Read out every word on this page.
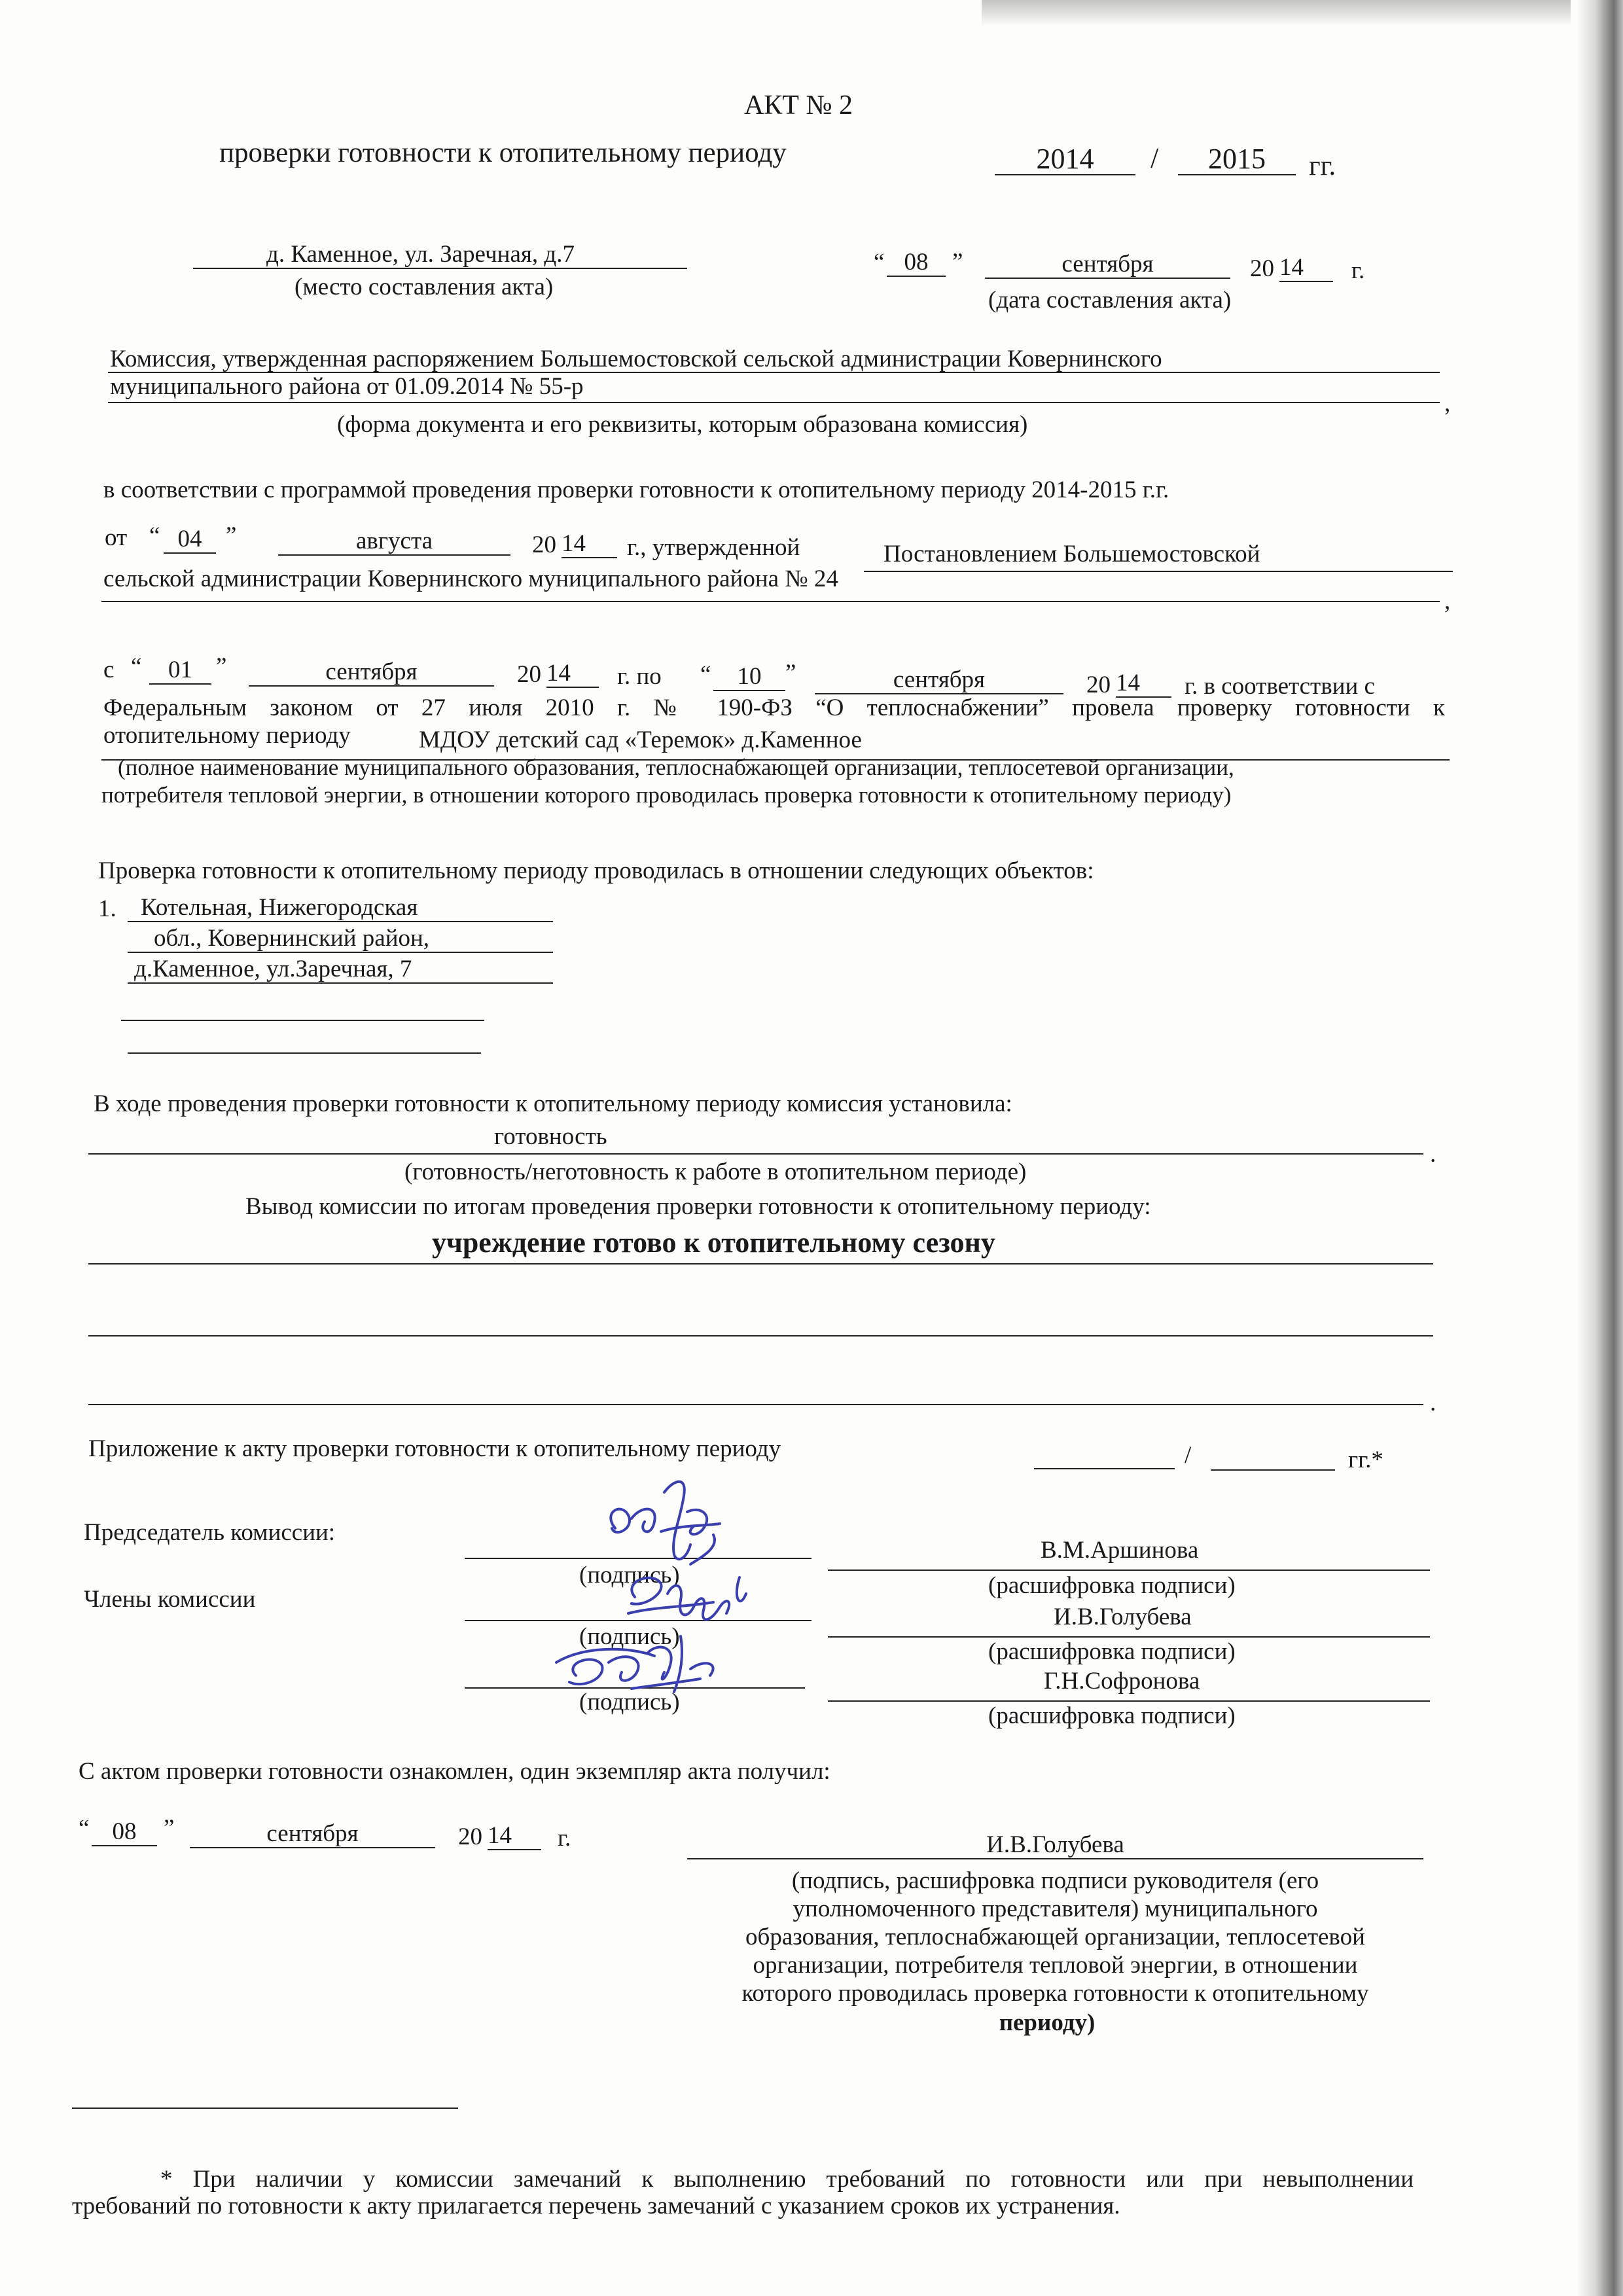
АКТ № 2
проверки готовности к отопительному периоду	2014	/	2015	гг.
д. Каменное, ул. Заречная, д.7
(место составления акта)
“ 08 ”	сентября	20 14	г.
(дата составления акта)
Комиссия, утвержденная распоряжением Большемостовской сельской администрации Ковернинского
муниципального района от 01.09.2014 № 55-р
,
(форма документа и его реквизиты, которым образована комиссия)
в соответствии с программой проведения проверки готовности к отопительному периоду 2014-2015 г.г.
от “ 04 ”	августа	20 14	г., утвержденной	Постановлением Большемостовской
сельской администрации Ковернинского муниципального района № 24
,
с “	01 ”	сентября	20 14	г. по “	10 ”	сентября	20 14	г. в соответствии с
Федеральным законом от 27 июля 2010 г. № 190-ФЗ “О теплоснабжении” провела проверку готовности к
отопительному периоду	МДОУ детский сад «Теремок» д.Каменное
(полное наименование муниципального образования, теплоснабжающей организации, теплосетевой организации,
потребителя тепловой энергии, в отношении которого проводилась проверка готовности к отопительному периоду)
Проверка готовности к отопительному периоду проводилась в отношении следующих объектов:
1.	Котельная, Нижегородская
обл., Ковернинский район,
д.Каменное, ул.Заречная, 7
В ходе проведения проверки готовности к отопительному периоду комиссия установила:
готовность
.
(готовность/неготовность к работе в отопительном периоде)
Вывод комиссии по итогам проведения проверки готовности к отопительному периоду:
учреждение готово к отопительному сезону
.
Приложение к акту проверки готовности к отопительному периоду	/	гг.*
Председатель комиссии:
(подпись)
В.М.Аршинова
(расшифровка подписи)
Члены комиссии
(подпись)
И.В.Голубева
(расшифровка подписи)
(подпись)
Г.Н.Софронова
(расшифровка подписи)
С актом проверки готовности ознакомлен, один экземпляр акта получил:
“ 08	”	сентября	20 14	г.	И.В.Голубева
(подпись, расшифровка подписи руководителя (его
уполномоченного представителя) муниципального
образования, теплоснабжающей организации, теплосетевой
организации, потребителя тепловой энергии, в отношении
которого проводилась проверка готовности к отопительному
периоду)
* При наличии у комиссии замечаний к выполнению требований по готовности или при невыполнении
требований по готовности к акту прилагается перечень замечаний с указанием сроков их устранения.
